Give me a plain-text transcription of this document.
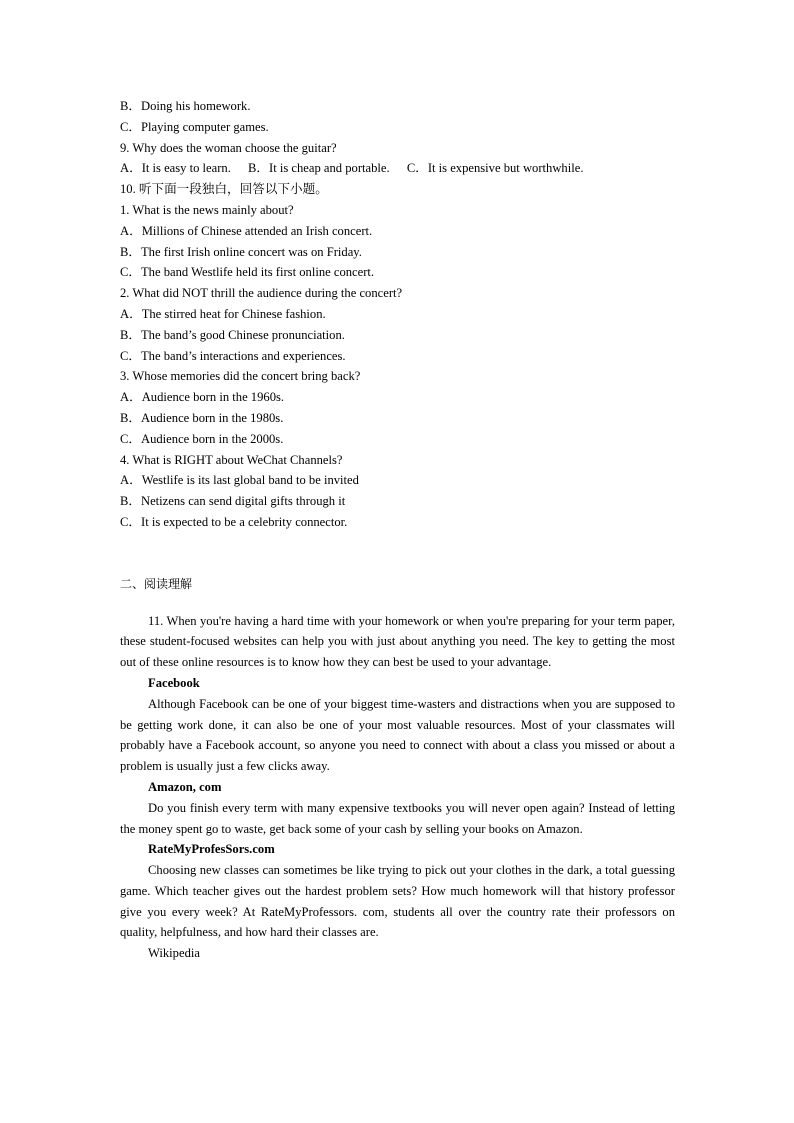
B．Doing his homework.
C．Playing computer games.
9. Why does the woman choose the guitar?
A．It is easy to learn. B．It is cheap and portable. C．It is expensive but worthwhile.
10. 听下面一段独白，回答以下小题。
1. What is the news mainly about?
A．Millions of Chinese attended an Irish concert.
B．The first Irish online concert was on Friday.
C．The band Westlife held its first online concert.
2. What did NOT thrill the audience during the concert?
A．The stirred heat for Chinese fashion.
B．The band’s good Chinese pronunciation.
C．The band’s interactions and experiences.
3. Whose memories did the concert bring back?
A．Audience born in the 1960s.
B．Audience born in the 1980s.
C．Audience born in the 2000s.
4. What is RIGHT about WeChat Channels?
A．Westlife is its last global band to be invited
B．Netizens can send digital gifts through it
C．It is expected to be a celebrity connector.
二、阅读理解

11. When you're having a hard time with your homework or when you're preparing for your term paper, these student-focused websites can help you with just about anything you need. The key to getting the most out of these online resources is to know how they can best be used to your advantage.

Facebook

Although Facebook can be one of your biggest time-wasters and distractions when you are supposed to be getting work done, it can also be one of your most valuable resources. Most of your classmates will probably have a Facebook account, so anyone you need to connect with about a class you missed or about a problem is usually just a few clicks away.

Amazon, com

Do you finish every term with many expensive textbooks you will never open again? Instead of letting the money spent go to waste, get back some of your cash by selling your books on Amazon.

RateMyProfesSors.com

Choosing new classes can sometimes be like trying to pick out your clothes in the dark, a total guessing game. Which teacher gives out the hardest problem sets? How much homework will that history professor give you every week? At RateMyProfessors. com, students all over the country rate their professors on quality, helpfulness, and how hard their classes are.

Wikipedia
